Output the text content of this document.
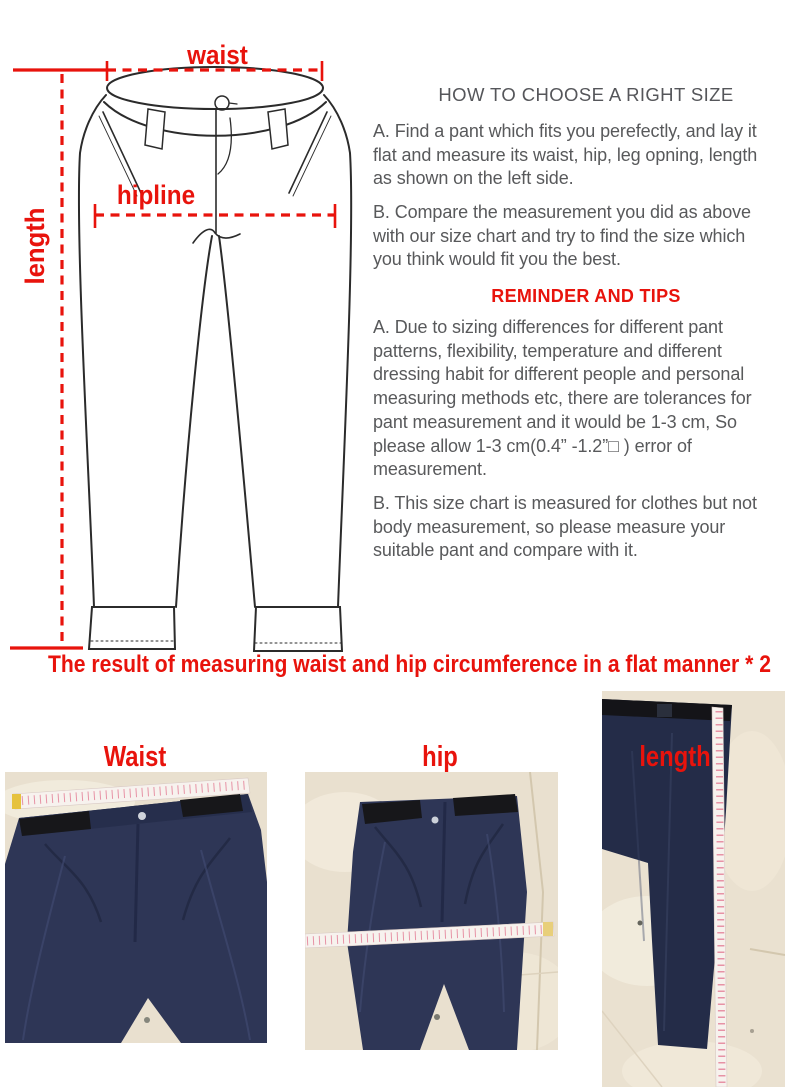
waist
hipline
length
HOW TO CHOOSE A RIGHT SIZE
A. Find a pant which fits you perefectly, and lay it
flat and measure its waist, hip, leg opning, length
as shown on the left side.
B. Compare the measurement you did as above
with our size chart and try to find the size which
you think would fit you the best.
REMINDER AND TIPS
A. Due to sizing differences for different pant
patterns, flexibility, temperature and different
dressing habit for different people and personal
measuring methods etc, there are tolerances for
pant measurement and it would be 1-3 cm, So
please allow 1-3 cm(0.4” -1.2”□ ) error of
measurement.
B. This size chart is measured for clothes but not
body measurement, so please measure your
suitable pant and compare with it.
The result of measuring waist and hip circumference in a flat manner * 2
Waist	hip	length
